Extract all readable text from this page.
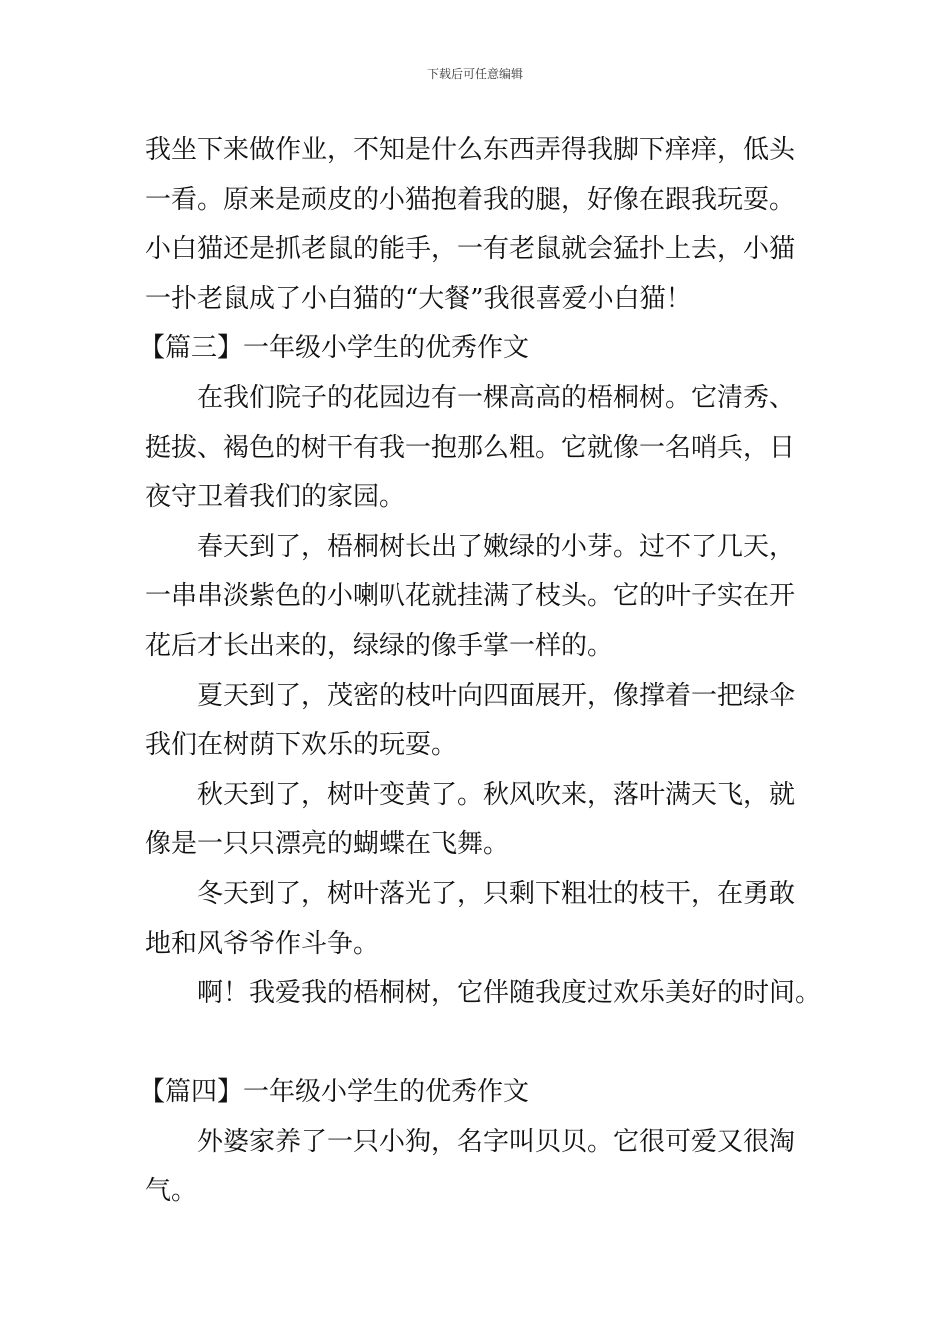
下载后可任意编辑
我坐下来做作业，不知是什么东西弄得我脚下痒痒，低头
一看。原来是顽皮的小猫抱着我的腿，好像在跟我玩耍。
小白猫还是抓老鼠的能手，一有老鼠就会猛扑上去，小猫
一扑老鼠成了小白猫的“大餐”我很喜爱小白猫！
【篇三】一年级小学生的优秀作文
在我们院子的花园边有一棵高高的梧桐树。它清秀、
挺拔、褐色的树干有我一抱那么粗。它就像一名哨兵，日
夜守卫着我们的家园。
春天到了，梧桐树长出了嫩绿的小芽。过不了几天，
一串串淡紫色的小喇叭花就挂满了枝头。它的叶子实在开
花后才长出来的，绿绿的像手掌一样的。
夏天到了，茂密的枝叶向四面展开，像撑着一把绿伞
我们在树荫下欢乐的玩耍。
秋天到了，树叶变黄了。秋风吹来，落叶满天飞，就
像是一只只漂亮的蝴蝶在飞舞。
冬天到了，树叶落光了，只剩下粗壮的枝干，在勇敢
地和风爷爷作斗争。
啊！我爱我的梧桐树，它伴随我度过欢乐美好的时间。
【篇四】一年级小学生的优秀作文
外婆家养了一只小狗，名字叫贝贝。它很可爱又很淘
气。
